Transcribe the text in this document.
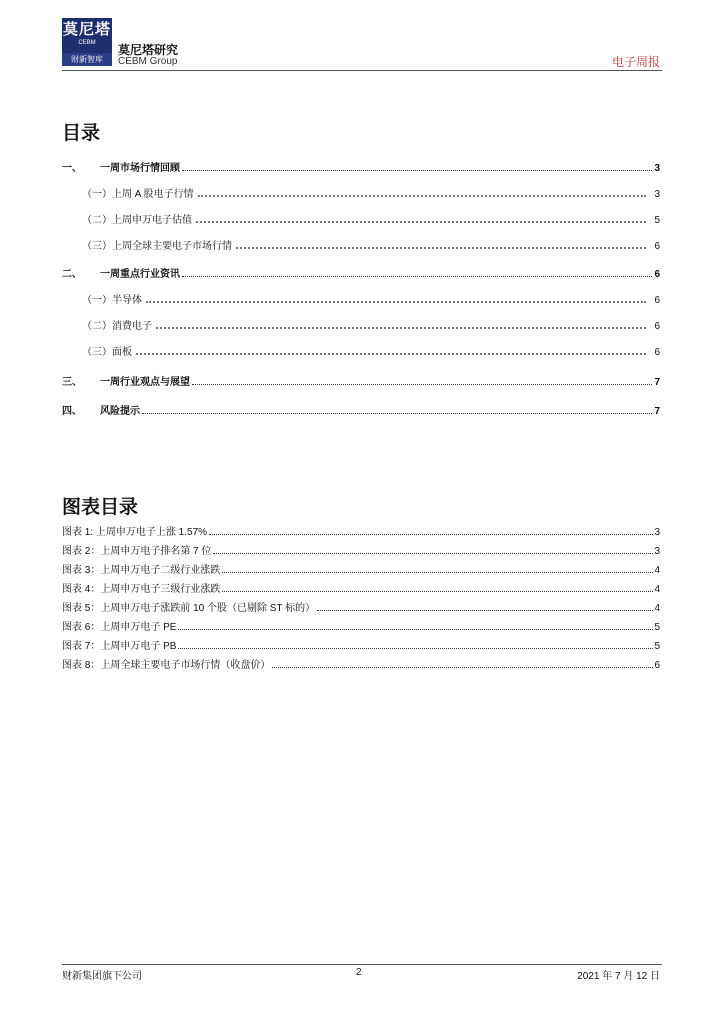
莫尼塔
CEBM
财新智库
莫尼塔研究
CEBM Group	电子周报
目录
一、	一周市场行情回顾	3
（一）上周 A 股电子行情	3
（二）上周申万电子估值	5
（三）上周全球主要电子市场行情	6
二、	一周重点行业资讯	6
（一）半导体	6
（二）消费电子	6
（三）面板	6
三、	一周行业观点与展望	7
四、	风险提示	7
图表目录
图表 1: 上周申万电子上涨 1.57%	3
图表 2：上周申万电子排名第 7 位	3
图表 3：上周申万电子二级行业涨跌	4
图表 4：上周申万电子三级行业涨跌	4
图表 5：上周申万电子涨跌前 10 个股（已剔除 ST 标的）	4
图表 6：上周申万电子 PE	5
图表 7：上周申万电子 PB	5
图表 8：上周全球主要电子市场行情（收盘价）	6
财新集团旗下公司	2	2021 年 7 月 12 日
